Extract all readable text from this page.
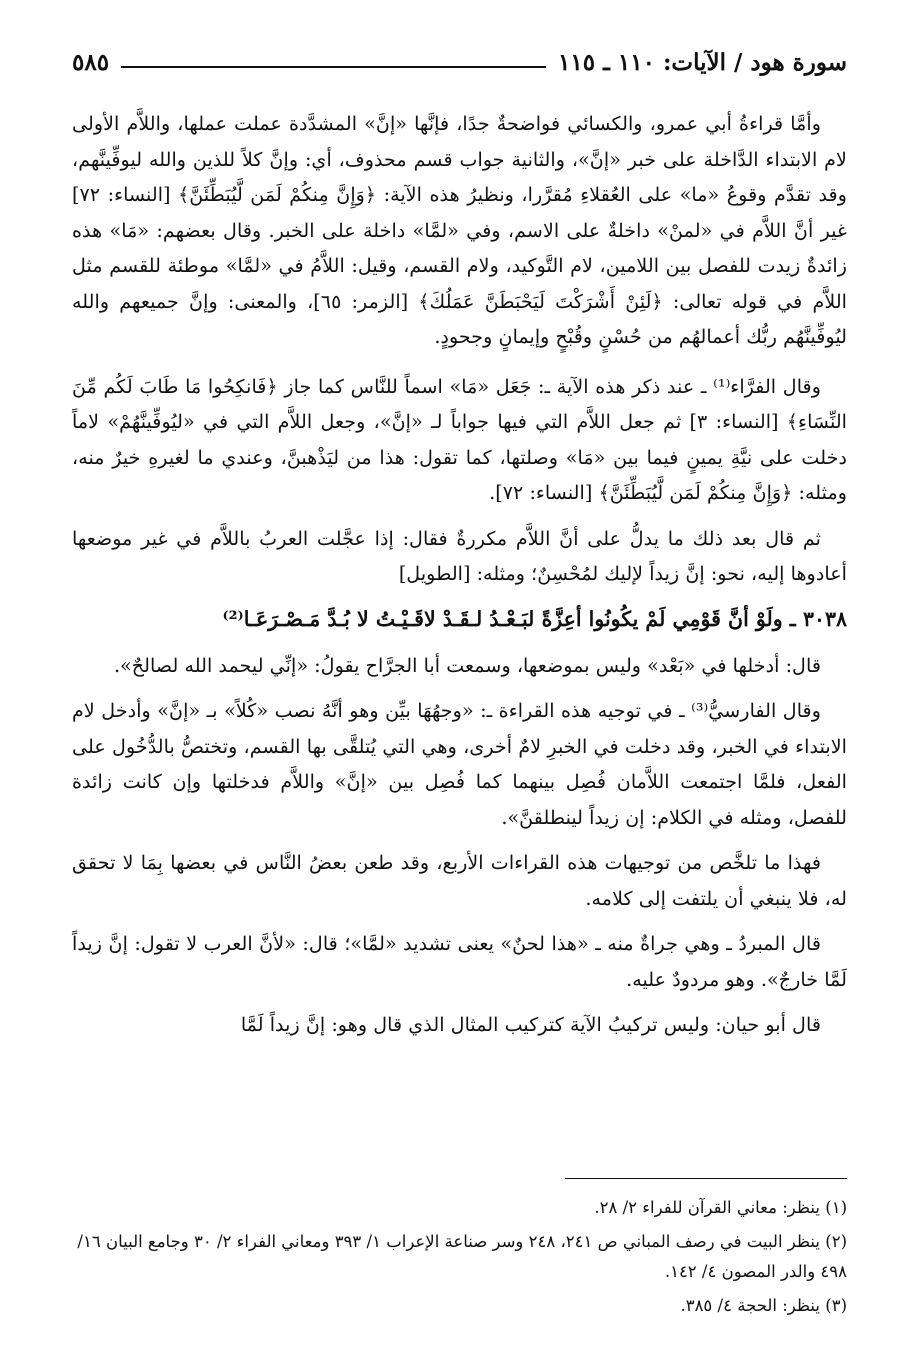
سورة هود / الآيات: ١١٠ ـ ١١٥
٥٨٥

وأمَّا قراءةُ أبي عمرو، والكسائي فواضحةٌ جدًا، فإنَّها «إنَّ» المشدَّدة عملت عملها، واللاَّم الأولى لام الابتداء الدَّاخلة على خبر «إنَّ»، والثانية جواب قسم محذوف، أي: وإنَّ كلاً للذين والله ليوفِّينَّهم، وقد تقدَّم وقوعُ «ما» على العُقلاءِ مُقرَّرا، ونظيرُ هذه الآية: ﴿وَإِنَّ مِنكُمْ لَمَن لَّيُبَطِّئَنَّ﴾ [النساء: ٧٢] غير أنَّ اللاَّم في «لمنْ» داخلةٌ على الاسم، وفي «لمَّا» داخلة على الخبر. وقال بعضهم: «مَا» هذه زائدةٌ زيدت للفصل بين اللامين، لام التَّوكيد، ولام القسم، وقيل: اللاَّمُ في «لمَّا» موطئة للقسم مثل اللاَّم في قوله تعالى: ﴿لَئِنْ أَشْرَكْتَ لَيَحْبَطَنَّ عَمَلُكَ﴾ [الزمر: ٦٥]، والمعنى: وإنَّ جميعهم والله ليُوفِّينَّهُم ربُّك أعمالهُم من حُسْنٍ وقُبْحٍ وإيمانٍ وجحودٍ.

وقال الفرَّاء⁽¹⁾ ـ عند ذكر هذه الآية ـ: جَعَل «مَا» اسماً للنَّاس كما جاز ﴿فَانكِحُوا مَا طَابَ لَكُم مِّنَ النِّسَاءِ﴾ [النساء: ٣] ثم جعل اللاَّم التي فيها جواباً لـ «إنَّ»، وجعل اللاَّم التي في «ليُوفِّينَّهُمْ» لاماً دخلت على نيَّةِ يمينٍ فيما بين «مَا» وصلتها، كما تقول: هذا من ليَذْهبنَّ، وعندي ما لغيرهِ خيرٌ منه، ومثله: ﴿وَإِنَّ مِنكُمْ لَمَن لَّيُبَطِّئَنَّ﴾ [النساء: ٧٢].

ثم قال بعد ذلك ما يدلُّ على أنَّ اللاَّم مكررةٌ فقال: إذا عجَّلت العربُ باللاَّم في غير موضعها أعادوها إليه، نحو: إنَّ زيداً لإليك لمُحْسِنٌ؛ ومثله: [الطويل]

٣٠٣٨ ـ ولَوْ أنَّ قَوْمِي لَمْ يكُونُوا أعِزَّةً ﻟﺒَـﻌْـﺪُ ﻟـﻘَـﺪْ ﻻﻗَـﻴْـﺖُ ﻻ ﺑُـﺪَّ ﻣَـﺼْـﺮَﻋَـﺎ⁽²⁾

قال: أدخلها في «بَعْد» وليس بموضعها، وسمعت أبا الجرَّاح يقولُ: «إنِّي ليحمد الله لصالحٌ».

وقال الفارسيُّ⁽³⁾ ـ في توجيه هذه القراءة ـ: «وجهُهَا بيِّن وهو أنَّهُ نصب «كُلاً» بـ «إنَّ» وأدخل لام الابتداء في الخبر، وقد دخلت في الخبرِ لامٌ أخرى، وهي التي يُتلقَّى بها القسم، وتختصُّ بالدُّخُول على الفعل، فلمَّا اجتمعت اللاَّمان فُصِل بينهما كما فُصِل بين «إنَّ» واللاَّم فدخلتها وإن كانت زائدة للفصل، ومثله في الكلام: إن زيداً لينطلقنَّ».

فهذا ما تلخَّص من توجيهات هذه القراءات الأربع، وقد طعن بعضُ النَّاس في بعضها بِمَا لا تحقق له، فلا ينبغي أن يلتفت إلى كلامه.

قال المبردُ ـ وهي جراةٌ منه ـ «هذا لحنٌ» يعنى تشديد «لمَّا»؛ قال: «لأنَّ العرب لا تقول: إنَّ زيداً لَمَّا خارجٌ». وهو مردودٌ عليه.

قال أبو حيان: وليس تركيبُ الآية كتركيب المثال الذي قال وهو: إنَّ زيداً لَمَّا

(١) ينظر: معاني القرآن للفراء ٢/ ٢٨.

(٢) ينظر البيت في رصف المباني ص ٢٤١، ٢٤٨ وسر صناعة الإعراب ١/ ٣٩٣ ومعاني الفراء ٢/ ٣٠ وجامع البيان ١٦/ ٤٩٨ والدر المصون ٤/ ١٤٢.

(٣) ينظر: الحجة ٤/ ٣٨٥.
